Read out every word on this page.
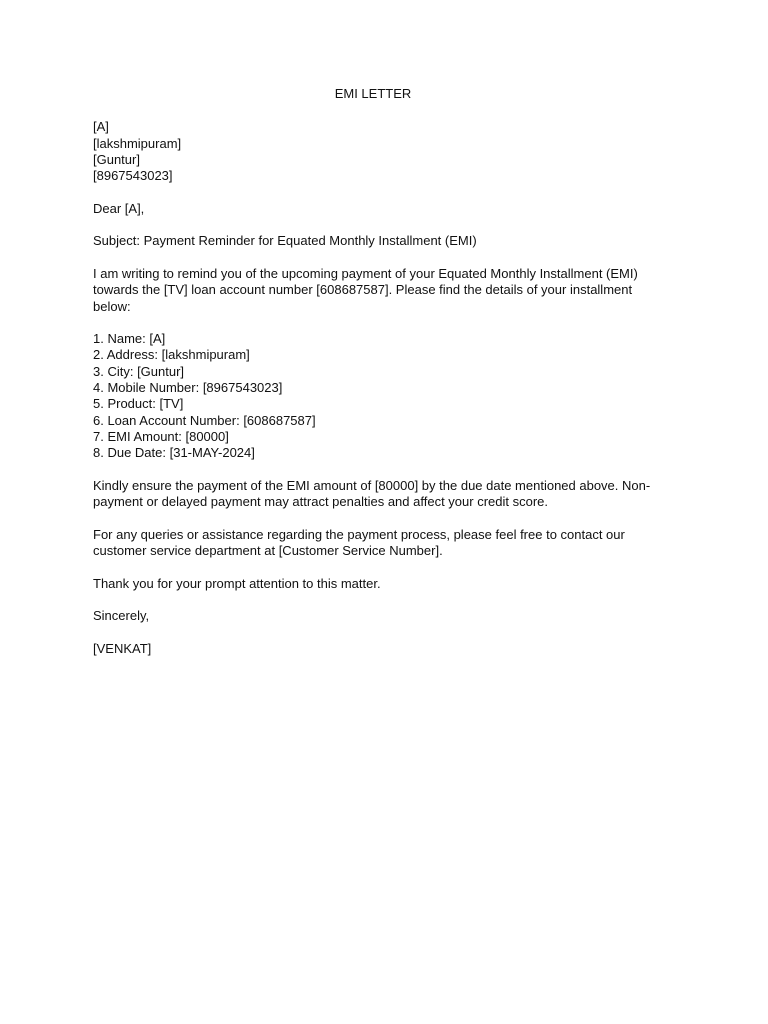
EMI LETTER
[A]
[lakshmipuram]
[Guntur]
[8967543023]
Dear [A],
Subject: Payment Reminder for Equated Monthly Installment (EMI)
I am writing to remind you of the upcoming payment of your Equated Monthly Installment (EMI)
towards the [TV] loan account number [608687587]. Please find the details of your installment
below:
1. Name: [A]
2. Address: [lakshmipuram]
3. City: [Guntur]
4. Mobile Number: [8967543023]
5. Product: [TV]
6. Loan Account Number: [608687587]
7. EMI Amount: [80000]
8. Due Date: [31-MAY-2024]
Kindly ensure the payment of the EMI amount of [80000] by the due date mentioned above. Non-
payment or delayed payment may attract penalties and affect your credit score.
For any queries or assistance regarding the payment process, please feel free to contact our
customer service department at [Customer Service Number].
Thank you for your prompt attention to this matter.
Sincerely,
[VENKAT]
